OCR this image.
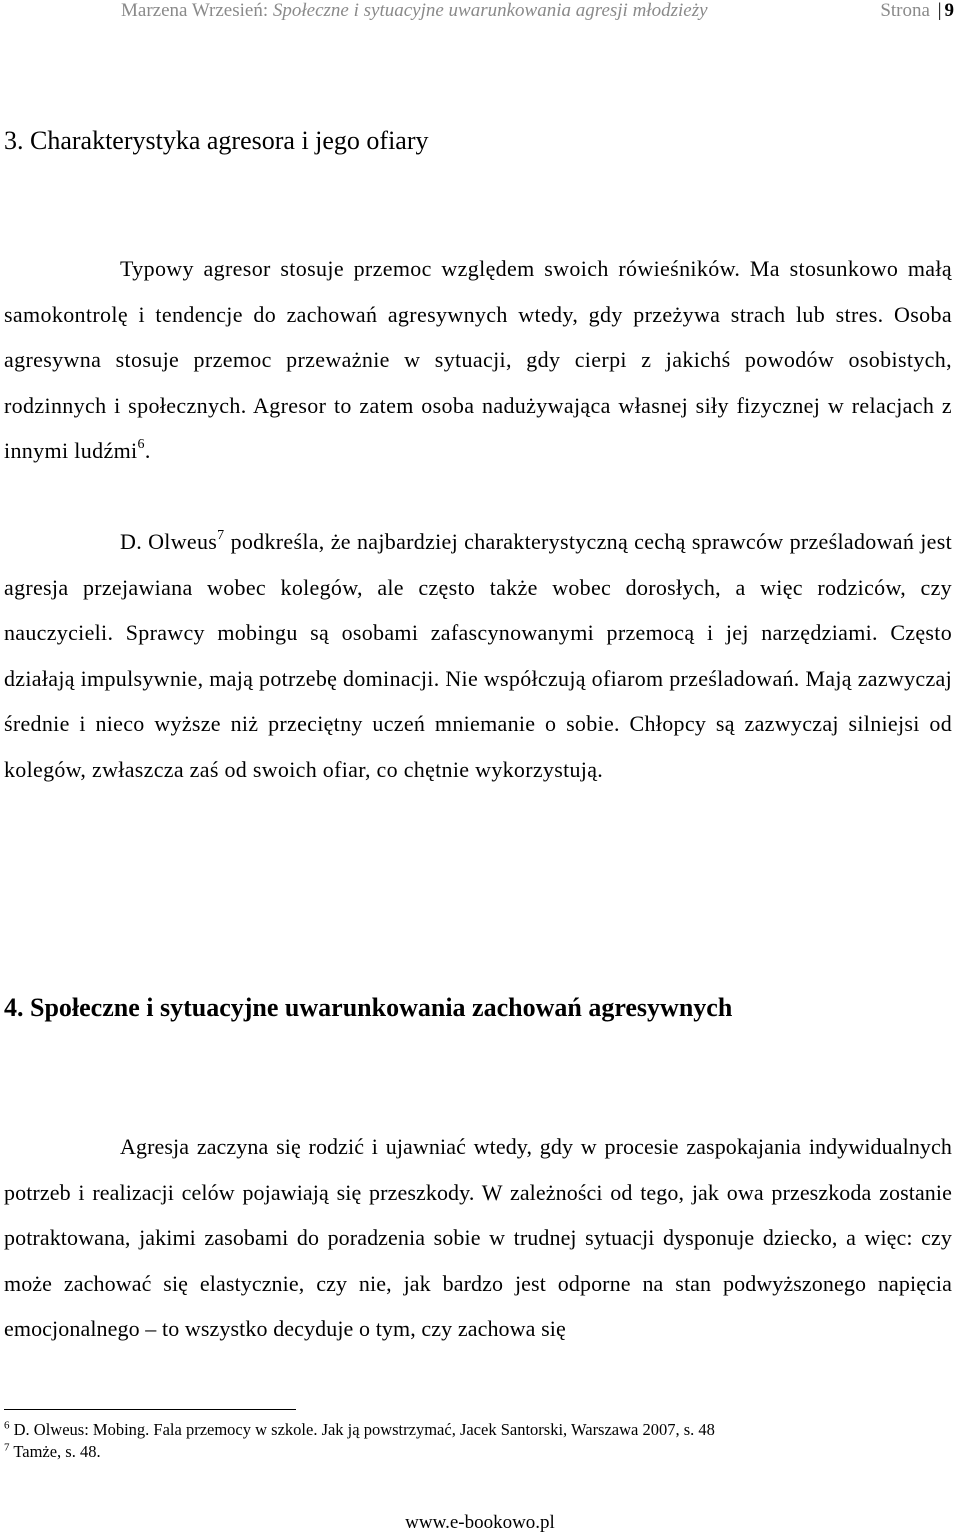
Marzena Wrzesień: Społeczne i sytuacyjne uwarunkowania agresji młodzieży	Strona | 9
3. Charakterystyka agresora i jego ofiary

Typowy agresor stosuje przemoc względem swoich rówieśników. Ma stosunkowo małą samokontrolę i tendencje do zachowań agresywnych wtedy, gdy przeżywa strach lub stres. Osoba agresywna stosuje przemoc przeważnie w sytuacji, gdy cierpi z jakichś powodów osobistych, rodzinnych i społecznych. Agresor to zatem osoba nadużywająca własnej siły fizycznej w relacjach z innymi ludźmi$^6$.

D. Olweus$^7$ podkreśla, że najbardziej charakterystyczną cechą sprawców prześladowań jest agresja przejawiana wobec kolegów, ale często także wobec dorosłych, a więc rodziców, czy nauczycieli. Sprawcy mobingu są osobami zafascynowanymi przemocą i jej narzędziami. Często działają impulsywnie, mają potrzebę dominacji. Nie współczują ofiarom prześladowań. Mają zazwyczaj średnie i nieco wyższe niż przeciętny uczeń mniemanie o sobie. Chłopcy są zazwyczaj silniejsi od kolegów, zwłaszcza zaś od swoich ofiar, co chętnie wykorzystują.

4. Społeczne i sytuacyjne uwarunkowania zachowań agresywnych

Agresja zaczyna się rodzić i ujawniać wtedy, gdy w procesie zaspokajania indywidualnych potrzeb i realizacji celów pojawiają się przeszkody. W zależności od tego, jak owa przeszkoda zostanie potraktowana, jakimi zasobami do poradzenia sobie w trudnej sytuacji dysponuje dziecko, a więc: czy może zachować się elastycznie, czy nie, jak bardzo jest odporne na stan podwyższonego napięcia emocjonalnego – to wszystko decyduje o tym, czy zachowa się

$^6$ D. Olweus: Mobing. Fala przemocy w szkole. Jak ją powstrzymać, Jacek Santorski, Warszawa 2007, s. 48

$^7$ Tamże, s. 48.

www.e-bookowo.pl
